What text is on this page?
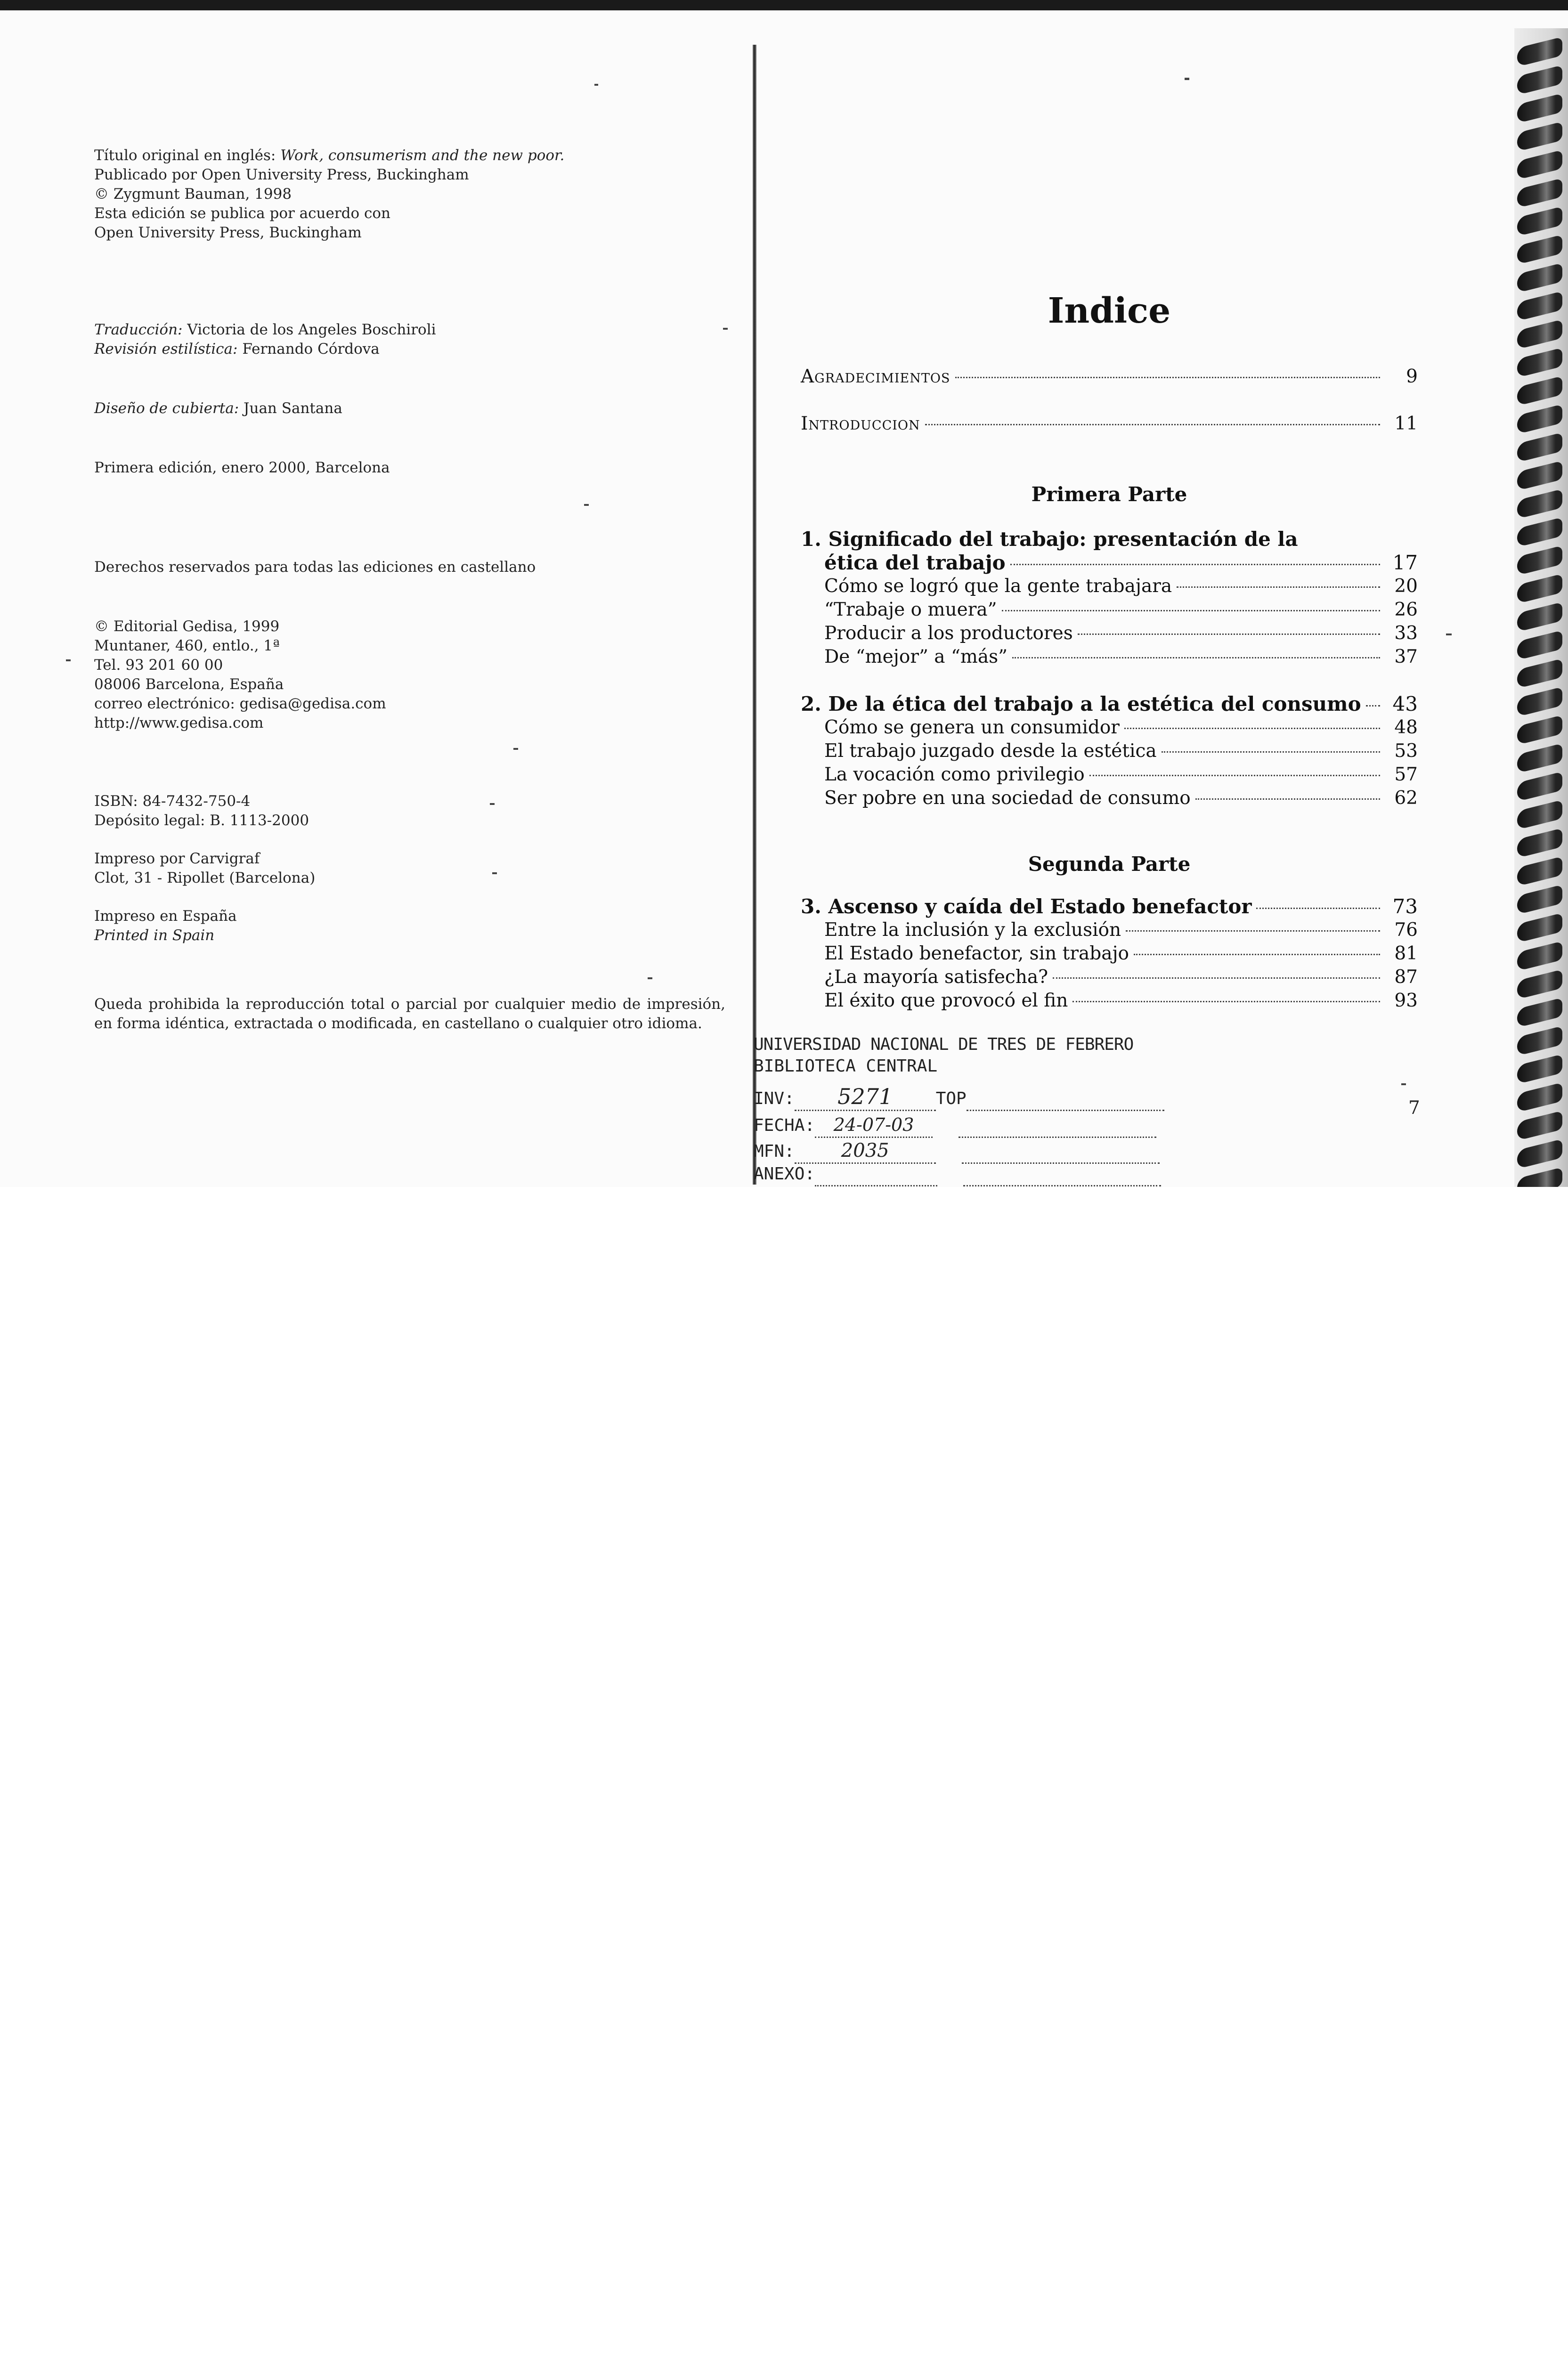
Título original en inglés: Work, consumerism and the new poor.

Publicado por Open University Press, Buckingham

© Zygmunt Bauman, 1998

Esta edición se publica por acuerdo con

Open University Press, Buckingham

Traducción: Victoria de los Angeles Boschiroli

Revisión estilística: Fernando Córdova

Diseño de cubierta: Juan Santana

Primera edición, enero 2000, Barcelona

Derechos reservados para todas las ediciones en castellano

© Editorial Gedisa, 1999

Muntaner, 460, entlo., 1ª

Tel. 93 201 60 00

08006 Barcelona, España

correo electrónico: gedisa@gedisa.com

http://www.gedisa.com

ISBN: 84-7432-750-4

Depósito legal: B. 1113-2000

Impreso por Carvigraf

Clot, 31 - Ripollet (Barcelona)

Impreso en España

Printed in Spain

Queda prohibida la reproducción total o parcial por cualquier medio de impresión, en forma idéntica, extractada o modificada, en castellano o cualquier otro idioma.

Indice
Agradecimientos	9
Introduccion	11
Primera Parte
1. Significado del trabajo: presentación de la
ética del trabajo	17
Cómo se logró que la gente trabajara	20
“Trabaje o muera”	26
Producir a los productores	33
De “mejor” a “más”	37
2. De la ética del trabajo a la estética del consumo	43
Cómo se genera un consumidor	48
El trabajo juzgado desde la estética	53
La vocación como privilegio	57
Ser pobre en una sociedad de consumo	62
Segunda Parte
3. Ascenso y caída del Estado benefactor	73
Entre la inclusión y la exclusión	76
El Estado benefactor, sin trabajo	81
¿La mayoría satisfecha?	87
El éxito que provocó el fin	93
UNIVERSIDAD NACIONAL DE TRES DE FEBRERO
BIBLIOTECA CENTRAL
INV: 5271	TOP
FECHA: 24-07-03
MFN: 2035
ANEXO:
7
